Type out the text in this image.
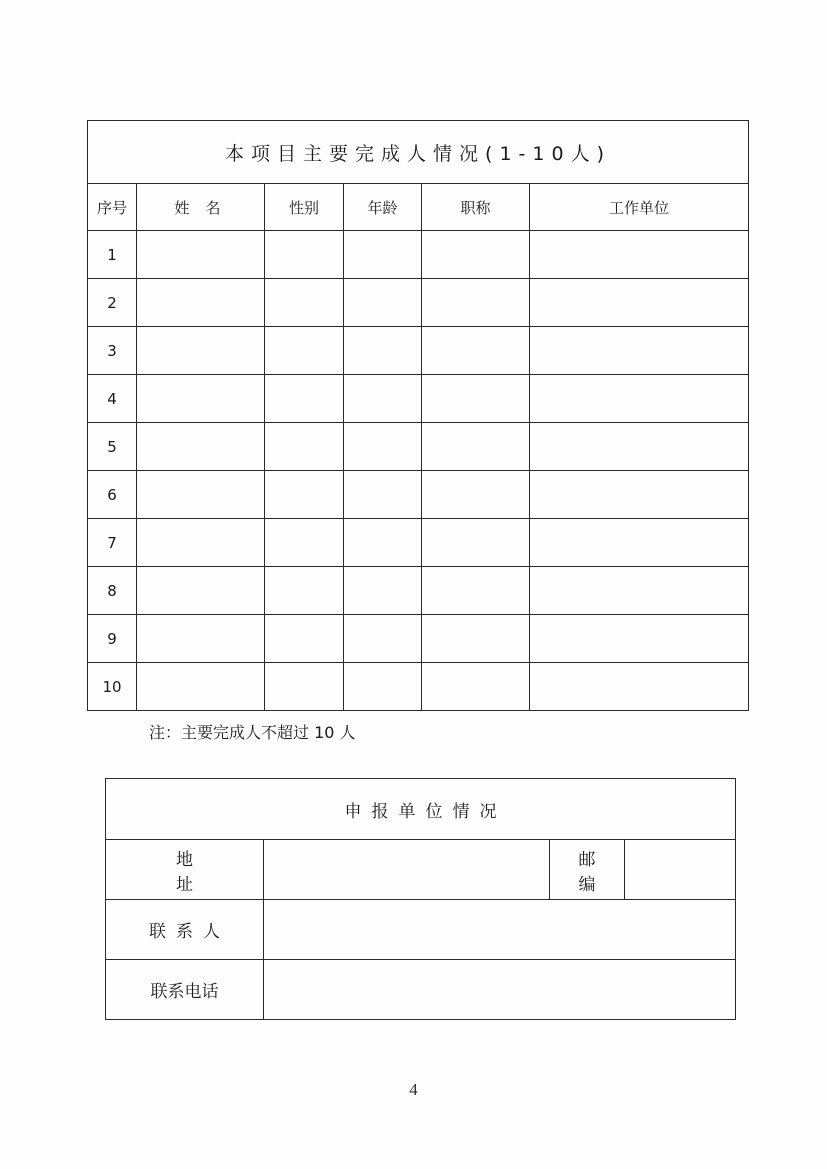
本项目主要完成人情况(1-10人)					
序号	姓名	性别	年龄	职称	工作单位
1					
2					
3					
4					
5					
6					
7					
8					
9					
10					
注：主要完成人不超过 10 人
申报单位情况			
地址		邮编	
联系人			
联系电话			
4
